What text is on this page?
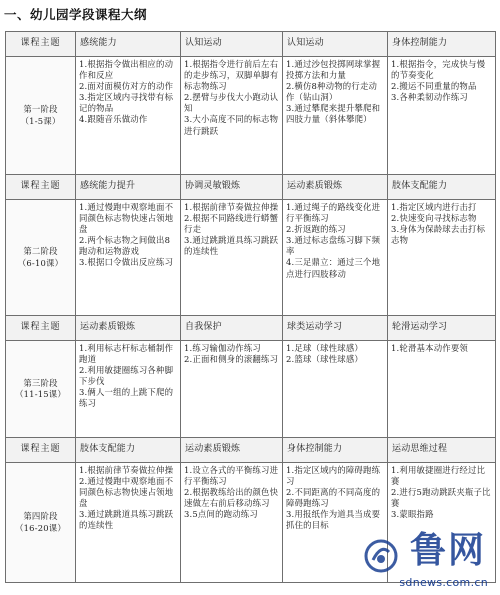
一、幼儿园学段课程大纲
课程主题	感统能力	认知运动	认知运动	身体控制能力

第一阶段
（1-5课）	1.根据指令做出相应的动作和反应
2.面对面模仿对方的动作
3.指定区域内寻找带有标记的物品
4.跟随音乐做动作	1.根据指令进行前后左右的走步练习，双脚单脚有标志物练习
2.摆臂与步伐大小跑动认知
3.大小高度不同的标志物进行跳跃	1.通过沙包投掷网球掌握投掷方法和力量
2.横仿8种动物的行走动作（钻山洞）
3.通过攀爬来提升攀爬和四肢力量（斜体攀爬）	1.根据指令，完成快与慢的节奏变化
2.搬运不同重量的物品
3.各种柔韧动作练习

课程主题	感统能力提升	协调灵敏锻炼	运动素质锻炼	肢体支配能力

第二阶段
（6-10课）	1.通过慢跑中观察地面不同颜色标志物快速占领地盘
2.两个标志物之间做出8跑动和运物游戏
3.根据口令做出反应练习	1.根据前律节奏做拉伸操
2.根据不同路线进行蟒蟹行走
3.通过跳跳道具练习跳跃的连续性	1.通过绳子的路线变化进行平衡练习
2.折返跑的练习
3.通过标志盘练习脚下频率
4.三足鼎立：通过三个地点进行四肢移动	1.指定区域内进行击打
2.快速变向寻找标志物
3.身体为保龄球去击打标志物

课程主题	运动素质锻炼	自我保护	球类运动学习	轮滑运动学习

第三阶段
（11-15课）	1.利用标志杆标志桶制作跑道
2.利用敏捷圈练习各种脚下步伐
3.俩人一组的上跳下爬的练习	1.练习输伽动作练习
2.正面和侧身的滚翻练习	1.足球（球性球感）
2.篮球（球性球感）	1.轮滑基本动作要领

课程主题	肢体支配能力	运动素质锻炼	身体控制能力	运动思维过程

第四阶段
（16-20课）	1.根据前律节奏做拉伸操
2.通过慢跑中观察地面不同颜色标志物快速占领地盘
3.通过跳跳道具练习跳跃的连续性	1.设立各式的平衡练习进行平衡练习
2.根据教练给出的颜色快速做左右前后移动练习
3.5点间的跑动练习	1.指定区域内的障碍跑练习
2.不同距离的不同高度的障碍跑练习
3.用报纸作为道具当成要抓住的目标	1.利用敏捷圈进行经过比赛
2.进行5跑动跳跃夹瓶子比赛
3.蒙眼指路
鲁网
sdnews.com.cn
